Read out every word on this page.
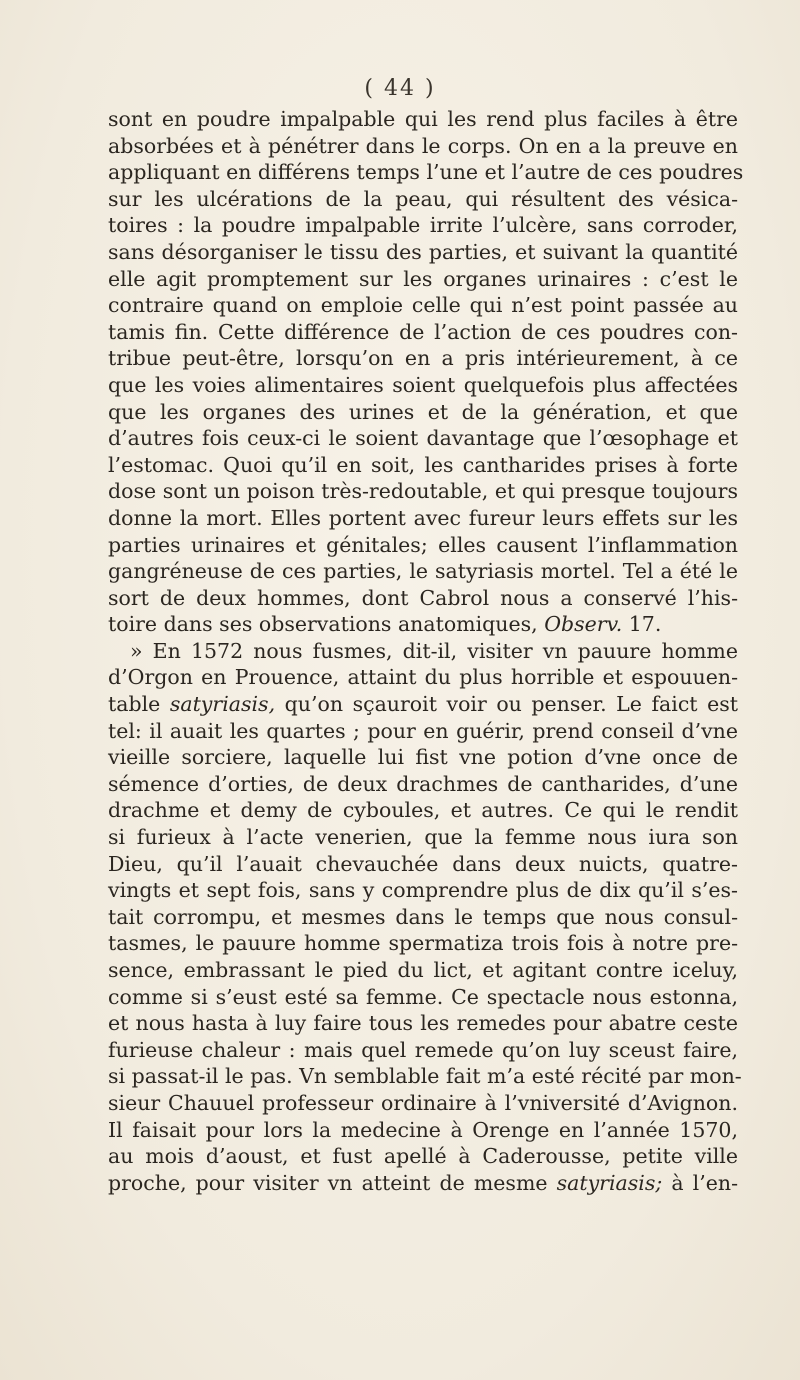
( 44 )
sont en poudre impalpable qui les rend plus faciles à être
absorbées et à pénétrer dans le corps. On en a la preuve en
appliquant en différens temps l’une et l’autre de ces poudres
sur les ulcérations de la peau, qui résultent des vésica-
toires : la poudre impalpable irrite l’ulcère, sans corroder,
sans désorganiser le tissu des parties, et suivant la quantité
elle agit promptement sur les organes urinaires : c’est le
contraire quand on emploie celle qui n’est point passée au
tamis fin. Cette différence de l’action de ces poudres con-
tribue peut-être, lorsqu’on en a pris intérieurement, à ce
que les voies alimentaires soient quelquefois plus affectées
que les organes des urines et de la génération, et que
d’autres fois ceux-ci le soient davantage que l’œsophage et
l’estomac. Quoi qu’il en soit, les cantharides prises à forte
dose sont un poison très-redoutable, et qui presque toujours
donne la mort. Elles portent avec fureur leurs effets sur les
parties urinaires et génitales; elles causent l’inflammation
gangréneuse de ces parties, le satyriasis mortel. Tel a été le
sort de deux hommes, dont Cabrol nous a conservé l’his-
toire dans ses observations anatomiques, Observ. 17.
» En 1572 nous fusmes, dit-il, visiter vn pauure homme
d’Orgon en Prouence, attaint du plus horrible et espouuen-
table satyriasis, qu’on sçauroit voir ou penser. Le faict est
tel: il auait les quartes ; pour en guérir, prend conseil d’vne
vieille sorciere, laquelle lui fist vne potion d’vne once de
sémence d’orties, de deux drachmes de cantharides, d’une
drachme et demy de cyboules, et autres. Ce qui le rendit
si furieux à l’acte venerien, que la femme nous iura son
Dieu, qu’il l’auait chevauchée dans deux nuicts, quatre-
vingts et sept fois, sans y comprendre plus de dix qu’il s’es-
tait corrompu, et mesmes dans le temps que nous consul-
tasmes, le pauure homme spermatiza trois fois à notre pre-
sence, embrassant le pied du lict, et agitant contre iceluy,
comme si s’eust esté sa femme. Ce spectacle nous estonna,
et nous hasta à luy faire tous les remedes pour abatre ceste
furieuse chaleur : mais quel remede qu’on luy sceust faire,
si passat-il le pas. Vn semblable fait m’a esté récité par mon-
sieur Chauuel professeur ordinaire à l’vniversité d’Avignon.
Il faisait pour lors la medecine à Orenge en l’année 1570,
au mois d’aoust, et fust apellé à Caderousse, petite ville
proche, pour visiter vn atteint de mesme satyriasis; à l’en-
